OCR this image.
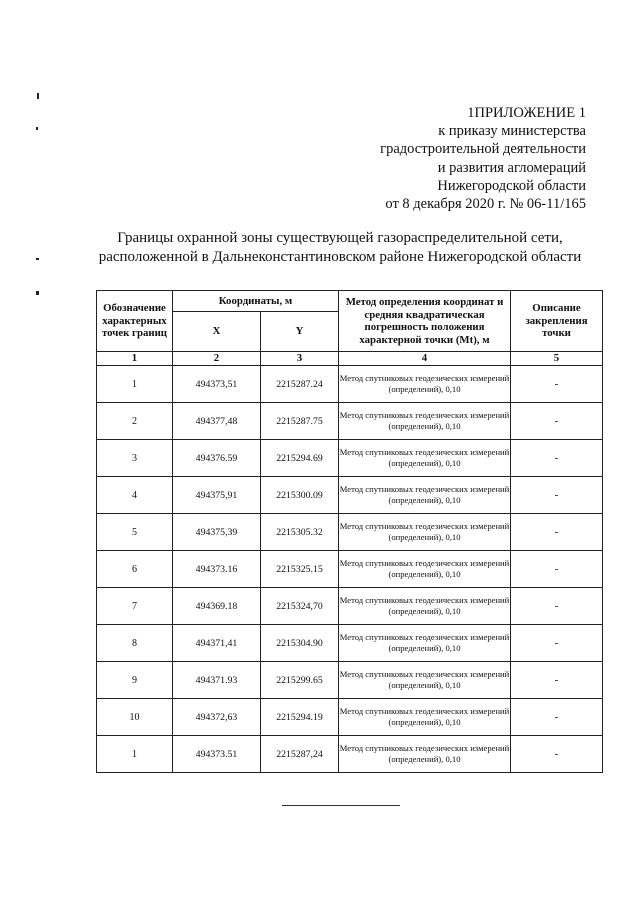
1ПРИЛОЖЕНИЕ 1
к приказу министерства
градостроительной деятельности
и развития агломераций
Нижегородской области
от 8 декабря 2020 г. № 06-11/165
Границы охранной зоны существующей газораспределительной сети,
расположенной в Дальнеконстантиновском районе Нижегородской области
Обозначение характерных точек границ	Координаты, м		Метод определения координат и средняя квадратическая погрешность положения характерной точки (Mt), м	Описание закрепления точки
	X	Y		
1	2	3	4	5
1	494373,51	2215287.24	Метод спутниковых геодезических измерений (определений), 0,10	-
2	494377,48	2215287.75	Метод спутниковых геодезических измерений (определений), 0,10	-
3	494376.59	2215294.69	Метод спутниковых геодезических измерений (определений), 0,10	-
4	494375,91	2215300.09	Метод спутниковых геодезических измерений (определений), 0,10	-
5	494375,39	2215305.32	Метод спутниковых геодезических измерений (определений), 0,10	-
6	494373.16	2215325.15	Метод спутниковых геодезических измерений (определений), 0,10	-
7	494369.18	2215324,70	Метод спутниковых геодезических измерений (определений), 0,10	-
8	494371,41	2215304.90	Метод спутниковых геодезических измерений (определений), 0,10	-
9	494371.93	2215299.65	Метод спутниковых геодезических измерений (определений), 0,10	-
10	494372,63	2215294.19	Метод спутниковых геодезических измерений (определений), 0,10	-
1	494373.51	2215287,24	Метод спутниковых геодезических измерений (определений), 0,10	-
